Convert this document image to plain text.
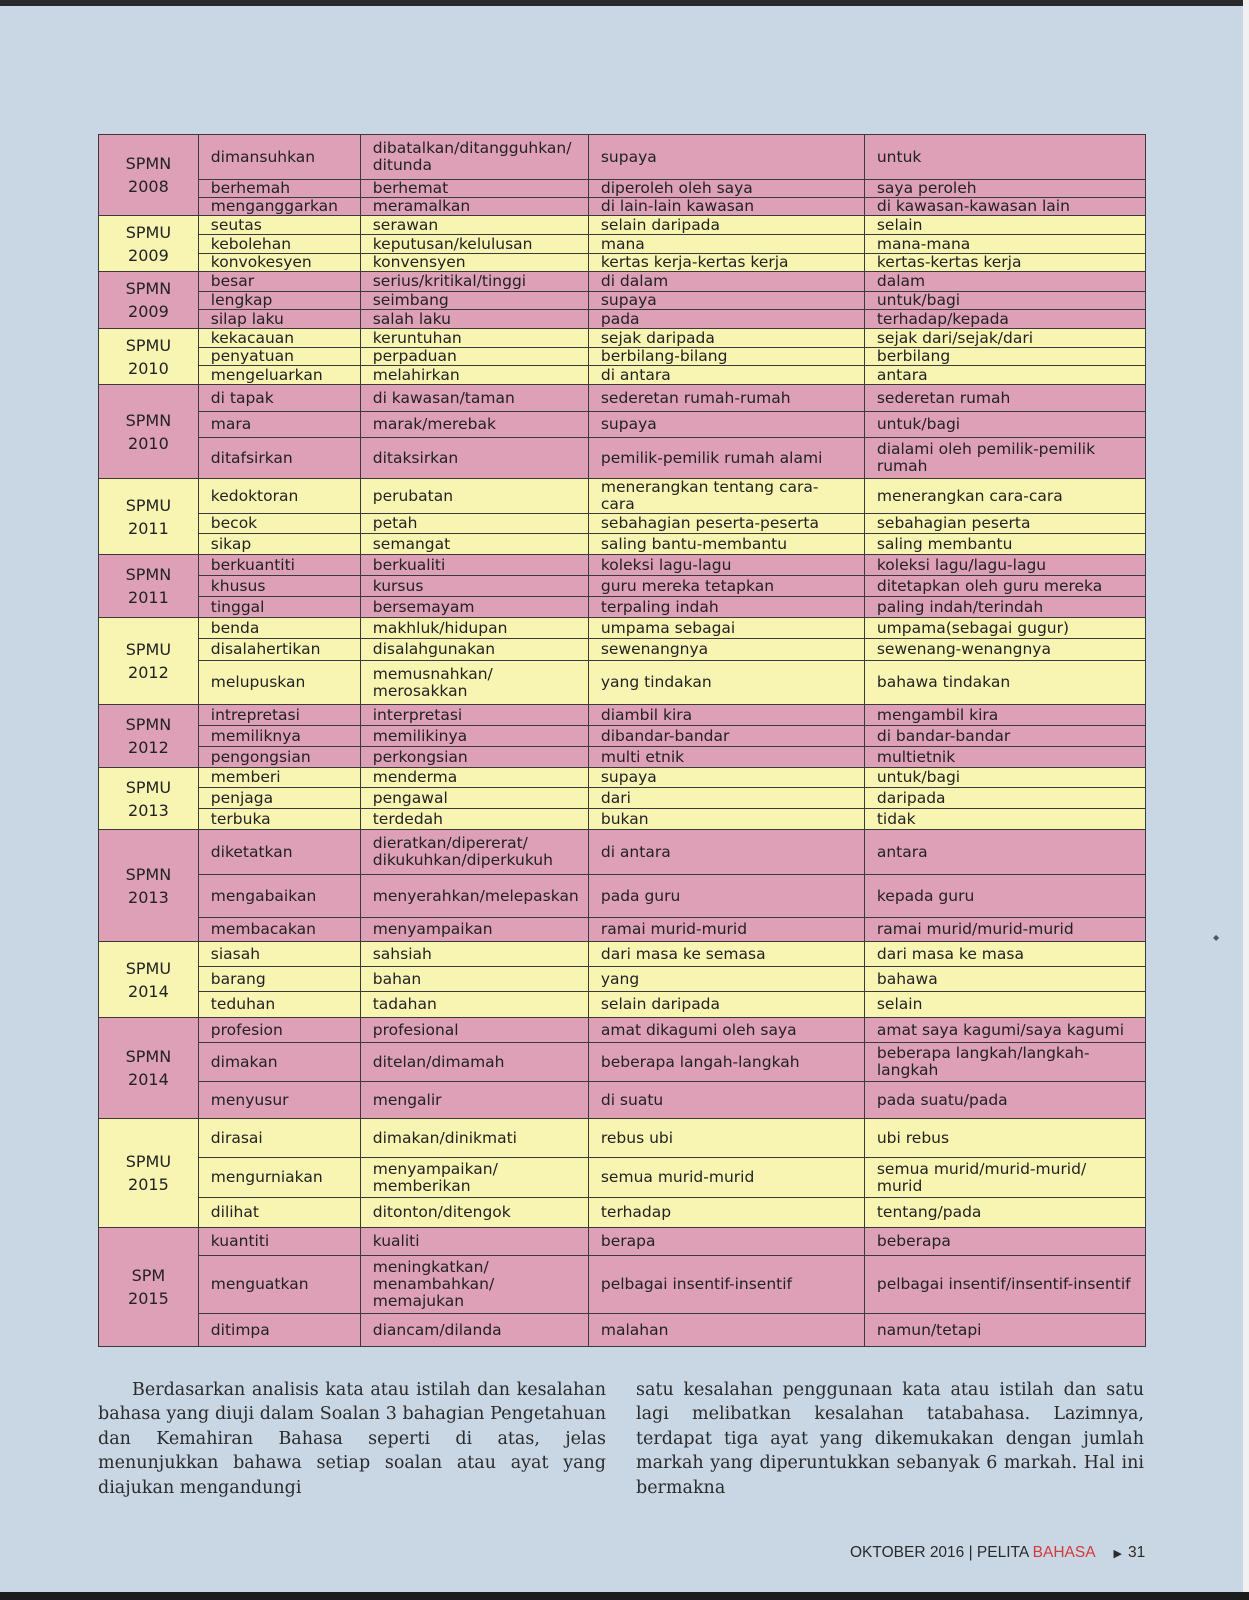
SPMN
2008	dimansuhkan	dibatalkan/ditangguhkan/ ditunda	supaya	untuk
	berhemah	berhemat	diperoleh oleh saya	saya peroleh
	menganggarkan	meramalkan	di lain-lain kawasan	di kawasan-kawasan lain

SPMU
2009	seutas	serawan	selain daripada	selain
	kebolehan	keputusan/kelulusan	mana	mana-mana
	konvokesyen	konvensyen	kertas kerja-kertas kerja	kertas-kertas kerja

SPMN
2009	besar	serius/kritikal/tinggi	di dalam	dalam
	lengkap	seimbang	supaya	untuk/bagi
	silap laku	salah laku	pada	terhadap/kepada

SPMU
2010	kekacauan	keruntuhan	sejak daripada	sejak dari/sejak/dari
	penyatuan	perpaduan	berbilang-bilang	berbilang
	mengeluarkan	melahirkan	di antara	antara

SPMN
2010	di tapak	di kawasan/taman	sederetan rumah-rumah	sederetan rumah
	mara	marak/merebak	supaya	untuk/bagi
	ditafsirkan	ditaksirkan	pemilik-pemilik rumah alami	dialami oleh pemilik-pemilik rumah

SPMU
2011	kedoktoran	perubatan	menerangkan tentang cara-cara	menerangkan cara-cara
	becok	petah	sebahagian peserta-peserta	sebahagian peserta
	sikap	semangat	saling bantu-membantu	saling membantu

SPMN
2011	berkuantiti	berkualiti	koleksi lagu-lagu	koleksi lagu/lagu-lagu
	khusus	kursus	guru mereka tetapkan	ditetapkan oleh guru mereka
	tinggal	bersemayam	terpaling indah	paling indah/terindah

SPMU
2012	benda	makhluk/hidupan	umpama sebagai	umpama(sebagai gugur)
	disalahertikan	disalahgunakan	sewenangnya	sewenang-wenangnya
	melupuskan	memusnahkan/ merosakkan	yang tindakan	bahawa tindakan

SPMN
2012	intrepretasi	interpretasi	diambil kira	mengambil kira
	memiliknya	memilikinya	dibandar-bandar	di bandar-bandar
	pengongsian	perkongsian	multi etnik	multietnik

SPMU
2013	memberi	menderma	supaya	untuk/bagi
	penjaga	pengawal	dari	daripada
	terbuka	terdedah	bukan	tidak

SPMN
2013	diketatkan	dieratkan/dipererat/ dikukuhkan/diperkukuh	di antara	antara
	mengabaikan	menyerahkan/melepaskan	pada guru	kepada guru
	membacakan	menyampaikan	ramai murid-murid	ramai murid/murid-murid

SPMU
2014	siasah	sahsiah	dari masa ke semasa	dari masa ke masa
	barang	bahan	yang	bahawa
	teduhan	tadahan	selain daripada	selain

SPMN
2014	profesion	profesional	amat dikagumi oleh saya	amat saya kagumi/saya kagumi
	dimakan	ditelan/dimamah	beberapa langah-langkah	beberapa langkah/langkah- langkah
	menyusur	mengalir	di suatu	pada suatu/pada

SPMU
2015	dirasai	dimakan/dinikmati	rebus ubi	ubi rebus
	mengurniakan	menyampaikan/ memberikan	semua murid-murid	semua murid/murid-murid/ murid
	dilihat	ditonton/ditengok	terhadap	tentang/pada

SPM
2015	kuantiti	kualiti	berapa	beberapa
	menguatkan	meningkatkan/ menambahkan/ memajukan	pelbagai insentif-insentif	pelbagai insentif/insentif-insentif
	ditimpa	diancam/dilanda	malahan	namun/tetapi

Berdasarkan analisis kata atau istilah dan kesalahan bahasa yang diuji dalam Soalan 3 bahagian Pengetahuan dan Kemahiran Bahasa seperti di atas, jelas menunjukkan bahawa setiap soalan atau ayat yang diajukan mengandungi

satu kesalahan penggunaan kata atau istilah dan satu lagi melibatkan kesalahan tatabahasa. Lazimnya, terdapat tiga ayat yang dikemukakan dengan jumlah markah yang diperuntukkan sebanyak 6 markah. Hal ini bermakna

OKTOBER 2016 | PELITA BAHASA ▶ 31
◆
